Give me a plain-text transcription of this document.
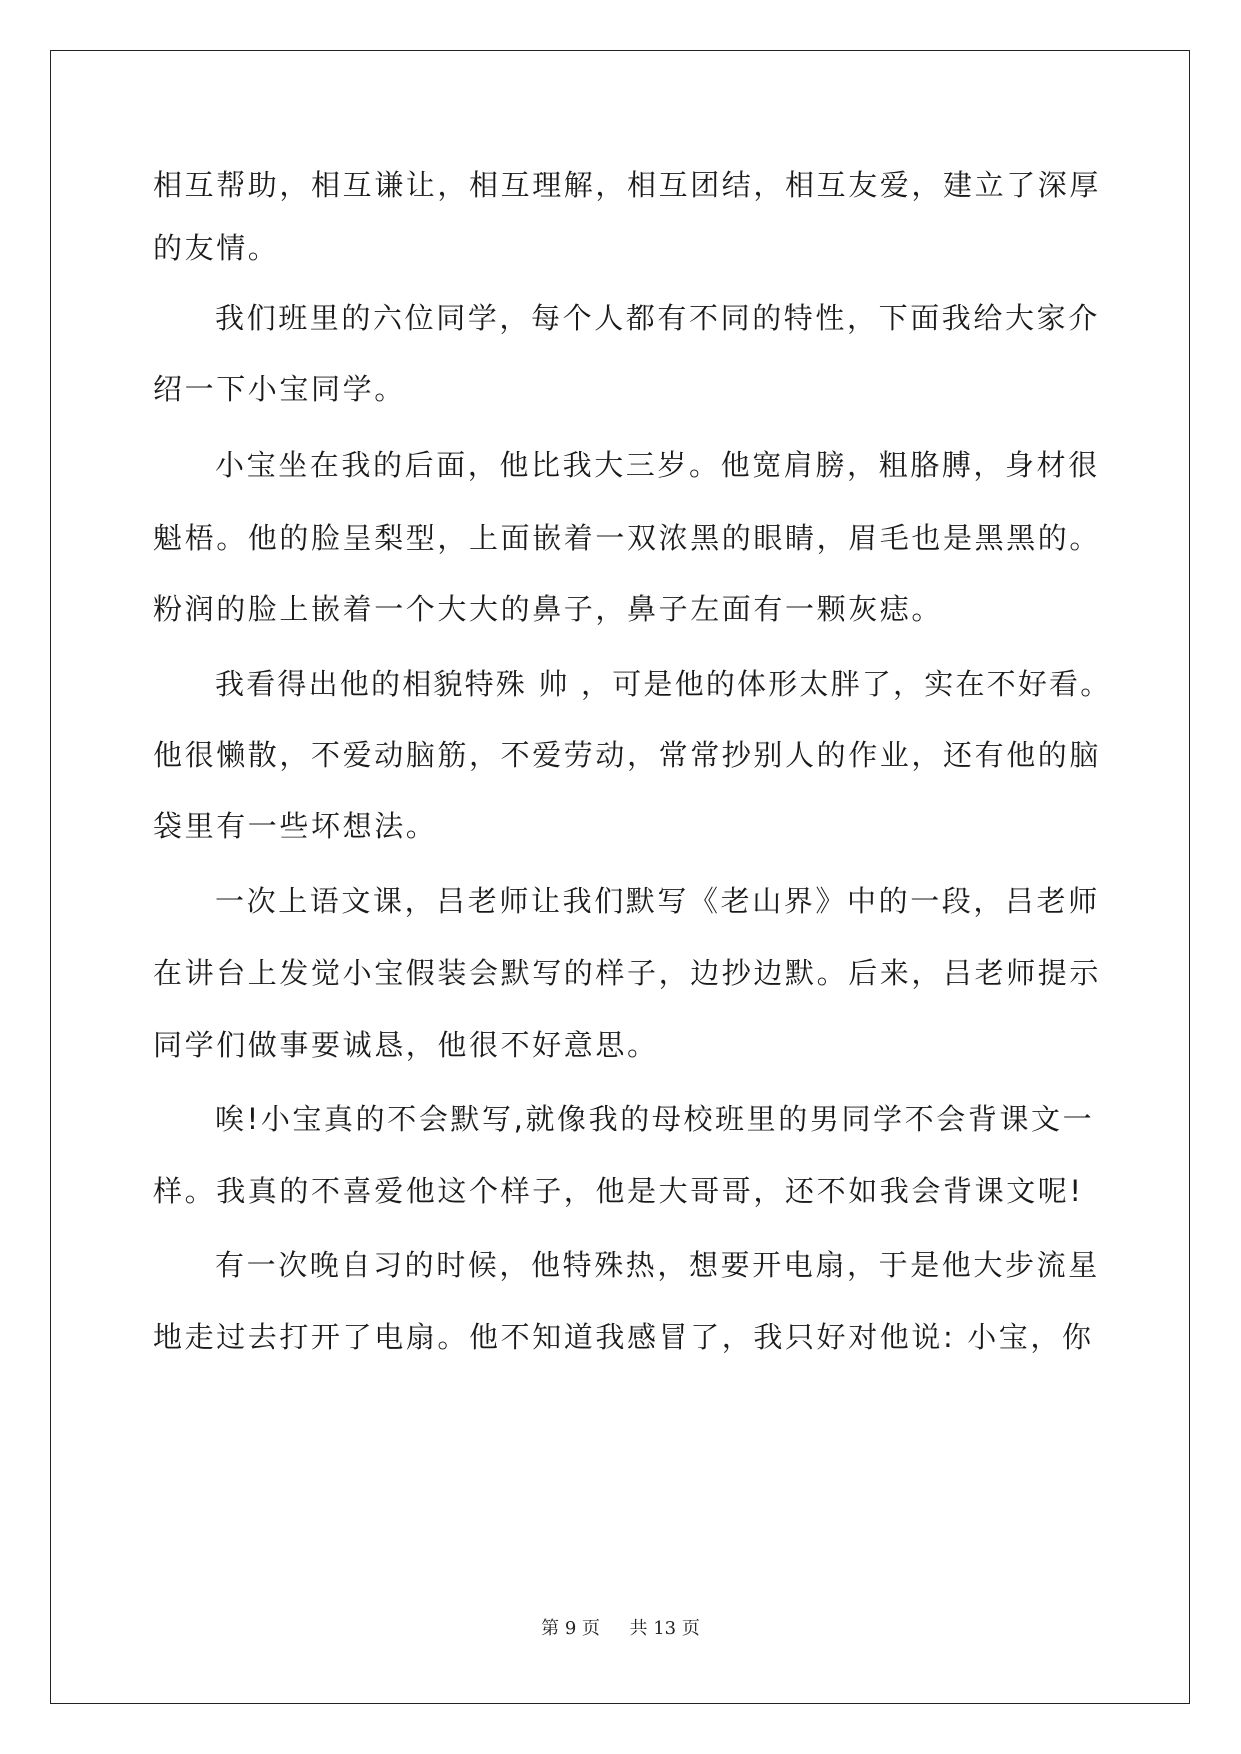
相互帮助，相互谦让，相互理解，相互团结，相互友爱，建立了深厚
的友情。
我们班里的六位同学，每个人都有不同的特性，下面我给大家介
绍一下小宝同学。
小宝坐在我的后面，他比我大三岁。他宽肩膀，粗胳膊，身材很
魁梧。他的脸呈梨型，上面嵌着一双浓黑的眼睛，眉毛也是黑黑的。
粉润的脸上嵌着一个大大的鼻子，鼻子左面有一颗灰痣。
我看得出他的相貌特殊 帅 ，可是他的体形太胖了，实在不好看。
他很懒散，不爱动脑筋，不爱劳动，常常抄别人的作业，还有他的脑
袋里有一些坏想法。
一次上语文课，吕老师让我们默写《老山界》中的一段，吕老师
在讲台上发觉小宝假装会默写的样子，边抄边默。后来，吕老师提示
同学们做事要诚恳，他很不好意思。
唉!小宝真的不会默写,就像我的母校班里的男同学不会背课文一
样。我真的不喜爱他这个样子，他是大哥哥，还不如我会背课文呢!
有一次晚自习的时候，他特殊热，想要开电扇，于是他大步流星
地走过去打开了电扇。他不知道我感冒了，我只好对他说: 小宝，你
第 9 页 共 13 页
